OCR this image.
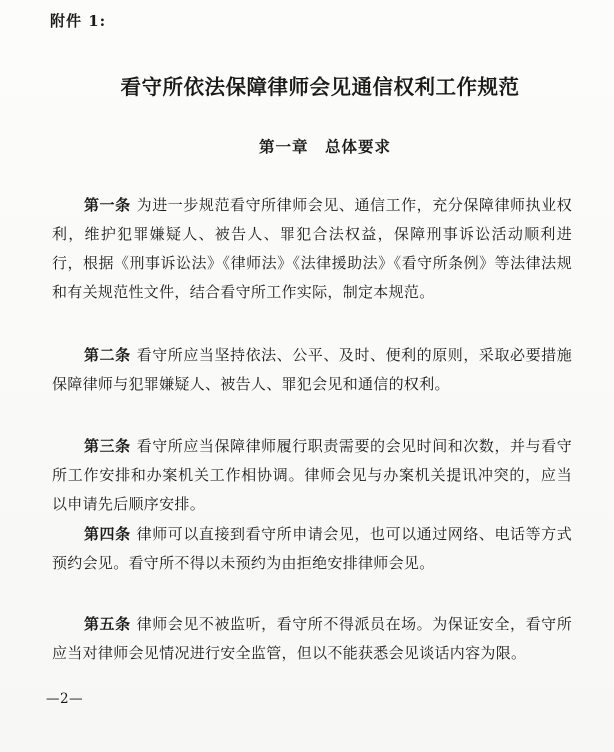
附件 1:
看守所依法保障律师会见通信权利工作规范
第一章　总体要求
第一条 为进一步规范看守所律师会见、通信工作，充分保障律师执业权利，维护犯罪嫌疑人、被告人、罪犯合法权益，保障刑事诉讼活动顺利进行，根据《刑事诉讼法》《律师法》《法律援助法》《看守所条例》等法律法规和有关规范性文件，结合看守所工作实际，制定本规范。
第二条 看守所应当坚持依法、公平、及时、便利的原则，采取必要措施保障律师与犯罪嫌疑人、被告人、罪犯会见和通信的权利。
第三条 看守所应当保障律师履行职责需要的会见时间和次数，并与看守所工作安排和办案机关工作相协调。律师会见与办案机关提讯冲突的，应当以申请先后顺序安排。
第四条 律师可以直接到看守所申请会见，也可以通过网络、电话等方式预约会见。看守所不得以未预约为由拒绝安排律师会见。
第五条 律师会见不被监听，看守所不得派员在场。为保证安全，看守所应当对律师会见情况进行安全监管，但以不能获悉会见谈话内容为限。
—2—
